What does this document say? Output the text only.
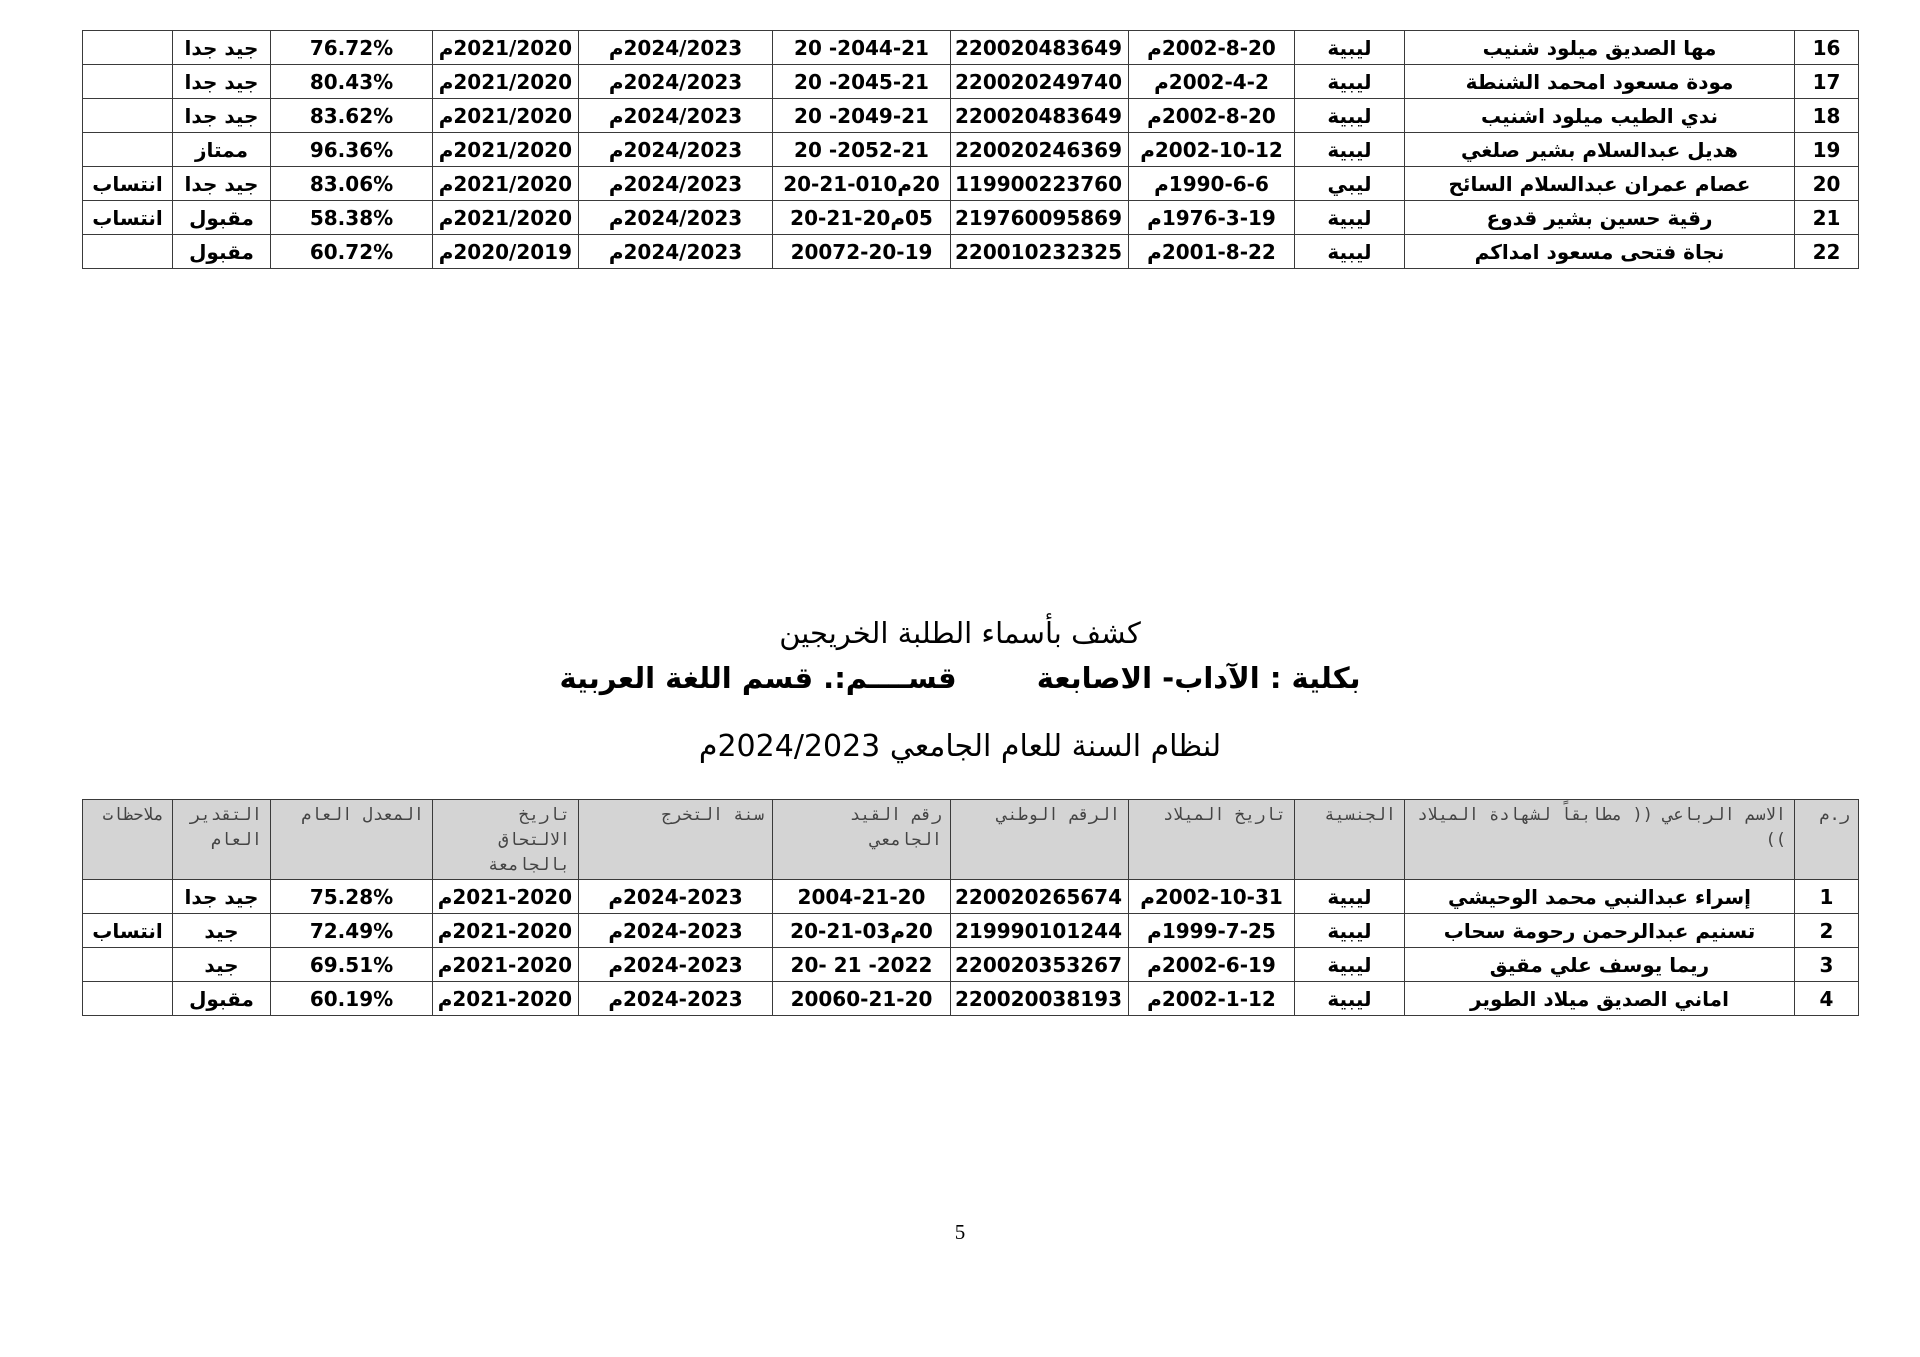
16	مها الصديق ميلود شنيب	ليبية	2002-8-20م	220020483649	2044-21- 20	2024/2023م	2021/2020م	76.72%	جيد جدا	
17	مودة مسعود امحمد الشنطة	ليبية	2002-4-2م	220020249740	2045-21- 20	2024/2023م	2021/2020م	80.43%	جيد جدا	
18	ندي الطيب ميلود اشنيب	ليبية	2002-8-20م	220020483649	2049-21- 20	2024/2023م	2021/2020م	83.62%	جيد جدا	
19	هديل عبدالسلام بشير صلغي	ليبية	2002-10-12م	220020246369	2052-21- 20	2024/2023م	2021/2020م	96.36%	ممتاز	
20	عصام عمران عبدالسلام السائح	ليبي	1990-6-6م	119900223760	20م010-21-20	2024/2023م	2021/2020م	83.06%	جيد جدا	انتساب
21	رقية حسين بشير قدوع	ليبية	1976-3-19م	219760095869	05م20-21-20	2024/2023م	2021/2020م	58.38%	مقبول	انتساب
22	نجاة فتحى مسعود امداكم	ليبية	2001-8-22م	220010232325	20072-20-19	2024/2023م	2020/2019م	60.72%	مقبول	
كشف بأسماء الطلبة الخريجين
بكلية : الآداب- الاصابعة قســــم:. قسم اللغة العربية
لنظام السنة للعام الجامعي 2024/2023م
ر.م	الاسم الرباعي (( مطابقاً لشهادة الميلاد ))	الجنسية	تاريخ الميلاد	الرقم الوطني	رقم القيد الجامعي	سنة التخرج	تاريخ الالتحاق بالجامعة	المعدل العام	التقدير العام	ملاحظات
1	إسراء عبدالنبي محمد الوحيشي	ليبية	2002-10-31م	220020265674	2004-21-20	2024-2023م	2021-2020م	75.28%	جيد جدا	
2	تسنيم عبدالرحمن رحومة سحاب	ليبية	1999-7-25م	219990101244	20م03-21-20	2024-2023م	2021-2020م	72.49%	جيد	انتساب
3	ريما يوسف علي مقيق	ليبية	2002-6-19م	220020353267	2022- 21 -20	2024-2023م	2021-2020م	69.51%	جيد	
4	اماني الصديق ميلاد الطوير	ليبية	2002-1-12م	220020038193	20060-21-20	2024-2023م	2021-2020م	60.19%	مقبول	
5
